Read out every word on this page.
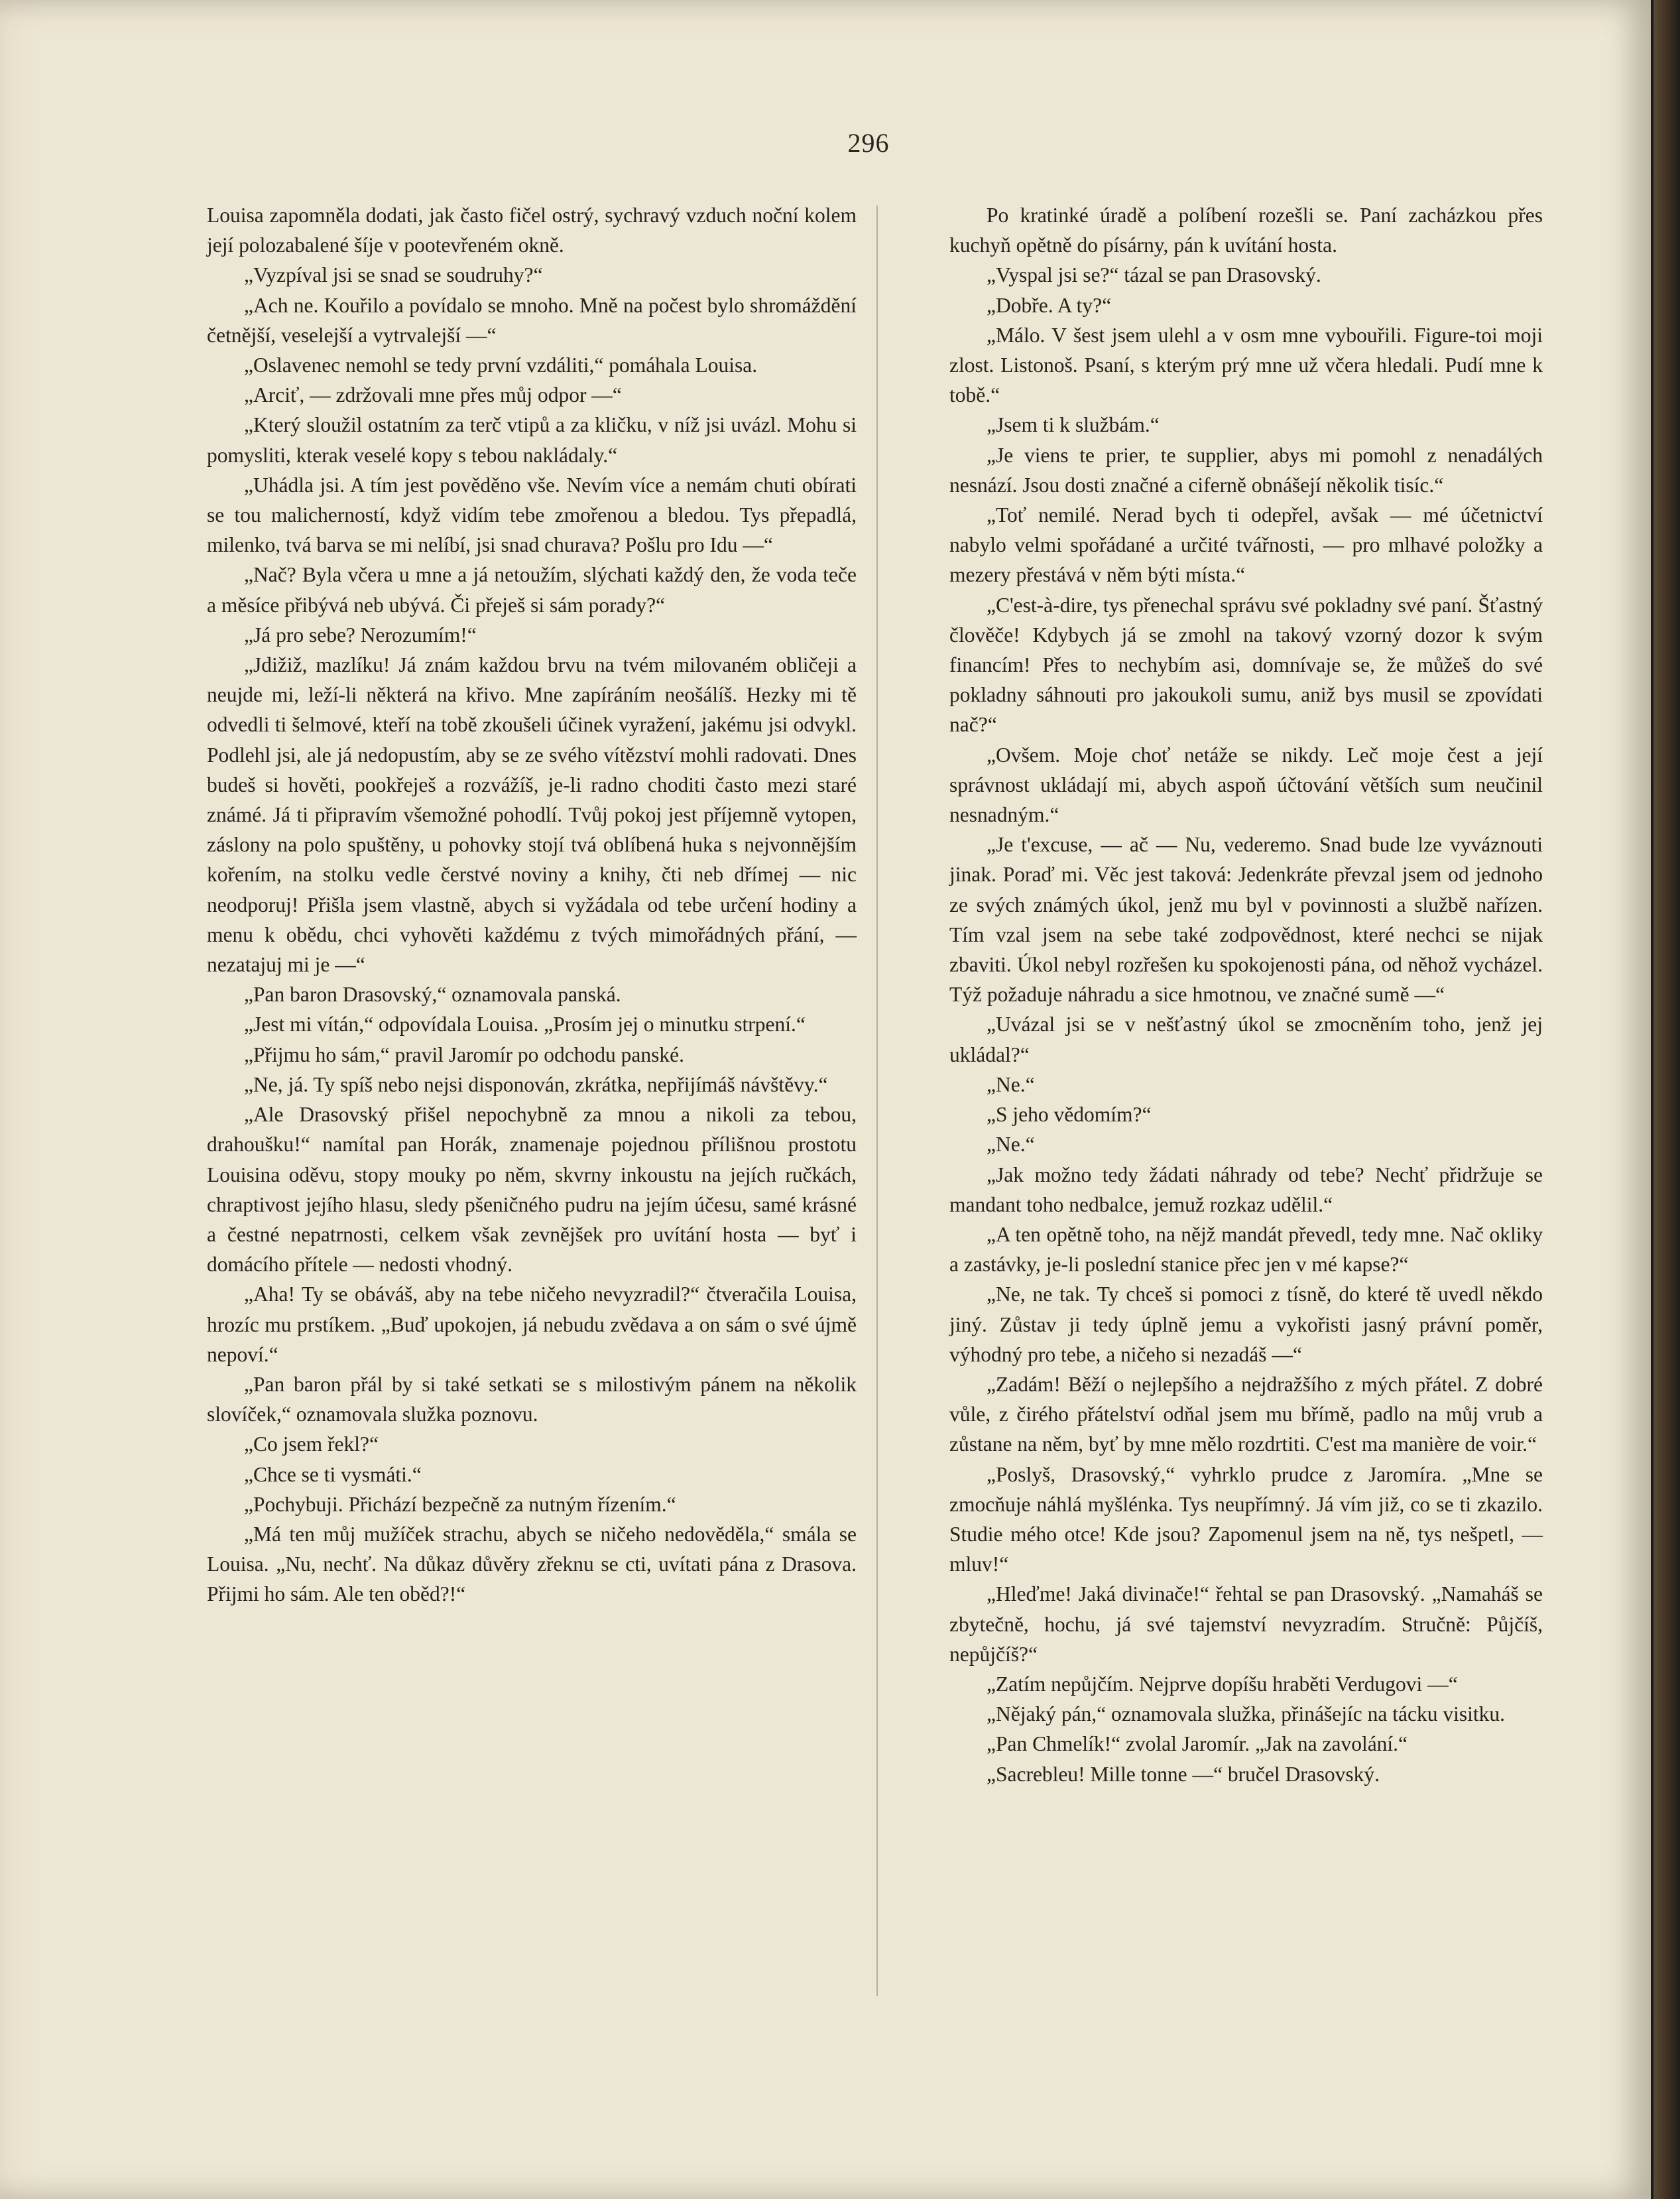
296

Louisa zapomněla dodati, jak často fičel ostrý, sychravý vzduch noční kolem její polozabalené šíje v pootevřeném okně.

„Vyzpíval jsi se snad se soudruhy?“

„Ach ne. Kouřilo a povídalo se mnoho. Mně na počest bylo shromáždění četnější, veselejší a vytrvalejší —“

„Oslavenec nemohl se tedy první vzdáliti,“ pomáhala Louisa.

„Arciť, — zdržovali mne přes můj odpor —“

„Který sloužil ostatním za terč vtipů a za kličku, v níž jsi uvázl. Mohu si pomysliti, kterak veselé kopy s tebou nakládaly.“

„Uhádla jsi. A tím jest pověděno vše. Nevím více a nemám chuti obírati se tou malicherností, když vidím tebe zmořenou a bledou. Tys přepadlá, milenko, tvá barva se mi nelíbí, jsi snad churava? Pošlu pro Idu —“

„Nač? Byla včera u mne a já netoužím, slýchati každý den, že voda teče a měsíce přibývá neb ubývá. Či přeješ si sám porady?“

„Já pro sebe? Nerozumím!“

„Jdižiž, mazlíku! Já znám každou brvu na tvém milovaném obličeji a neujde mi, leží-li některá na křivo. Mne zapíráním neošálíš. Hezky mi tě odvedli ti šelmové, kteří na tobě zkoušeli účinek vyražení, jakému jsi odvykl. Podlehl jsi, ale já nedopustím, aby se ze svého vítězství mohli radovati. Dnes budeš si hověti, pookřeješ a rozvážíš, je-li radno choditi často mezi staré známé. Já ti připravím všemožné pohodlí. Tvůj pokoj jest příjemně vytopen, záslony na polo spuštěny, u pohovky stojí tvá oblíbená huka s nejvonnějším kořením, na stolku vedle čerstvé noviny a knihy, čti neb dřímej — nic neodporuj! Přišla jsem vlastně, abych si vyžádala od tebe určení hodiny a menu k obědu, chci vyhověti každému z tvých mimořádných přání, — nezatajuj mi je —“

„Pan baron Drasovský,“ oznamovala panská.

„Jest mi vítán,“ odpovídala Louisa. „Prosím jej o minutku strpení.“

„Přijmu ho sám,“ pravil Jaromír po odchodu panské.

„Ne, já. Ty spíš nebo nejsi disponován, zkrátka, nepřijímáš návštěvy.“

„Ale Drasovský přišel nepochybně za mnou a nikoli za tebou, drahoušku!“ namítal pan Horák, znamenaje pojednou přílišnou prostotu Louisina oděvu, stopy mouky po něm, skvrny inkoustu na jejích ručkách, chraptivost jejího hlasu, sledy pšeničného pudru na jejím účesu, samé krásné a čestné nepatrnosti, celkem však zevnějšek pro uvítání hosta — byť i domácího přítele — nedosti vhodný.

„Aha! Ty se obáváš, aby na tebe ničeho nevyzradil?“ čtveračila Louisa, hrozíc mu prstíkem. „Buď upokojen, já nebudu zvědava a on sám o své újmě nepoví.“

„Pan baron přál by si také setkati se s milostivým pánem na několik slovíček,“ oznamovala služka poznovu.

„Co jsem řekl?“

„Chce se ti vysmáti.“

„Pochybuji. Přichází bezpečně za nutným řízením.“

„Má ten můj mužíček strachu, abych se ničeho nedověděla,“ smála se Louisa. „Nu, nechť. Na důkaz důvěry zřeknu se cti, uvítati pána z Drasova. Přijmi ho sám. Ale ten oběd?!“

Po kratinké úradě a políbení rozešli se. Paní zacházkou přes kuchyň opětně do písárny, pán k uvítání hosta.

„Vyspal jsi se?“ tázal se pan Drasovský.

„Dobře. A ty?“

„Málo. V šest jsem ulehl a v osm mne vybouřili. Figure-toi moji zlost. Listonoš. Psaní, s kterým prý mne už včera hledali. Pudí mne k tobě.“

„Jsem ti k službám.“

„Je viens te prier, te supplier, abys mi pomohl z nenadálých nesnází. Jsou dosti značné a ciferně obnášejí několik tisíc.“

„Toť nemilé. Nerad bych ti odepřel, avšak — mé účetnictví nabylo velmi spořádané a určité tvářnosti, — pro mlhavé položky a mezery přestává v něm býti místa.“

„C'est-à-dire, tys přenechal správu své pokladny své paní. Šťastný člověče! Kdybych já se zmohl na takový vzorný dozor k svým financím! Přes to nechybím asi, domnívaje se, že můžeš do své pokladny sáhnouti pro jakoukoli sumu, aniž bys musil se zpovídati nač?“

„Ovšem. Moje choť netáže se nikdy. Leč moje čest a její správnost ukládají mi, abych aspoň účtování větších sum neučinil nesnadným.“

„Je t'excuse, — ač — Nu, vederemo. Snad bude lze vyváznouti jinak. Poraď mi. Věc jest taková: Jedenkráte převzal jsem od jednoho ze svých známých úkol, jenž mu byl v povinnosti a službě nařízen. Tím vzal jsem na sebe také zodpovědnost, které nechci se nijak zbaviti. Úkol nebyl rozřešen ku spokojenosti pána, od něhož vycházel. Týž požaduje náhradu a sice hmotnou, ve značné sumě —“

„Uvázal jsi se v nešťastný úkol se zmocněním toho, jenž jej ukládal?“

„Ne.“

„S jeho vědomím?“

„Ne.“

„Jak možno tedy žádati náhrady od tebe? Nechť přidržuje se mandant toho nedbalce, jemuž rozkaz udělil.“

„A ten opětně toho, na nějž mandát převedl, tedy mne. Nač okliky a zastávky, je-li poslední stanice přec jen v mé kapse?“

„Ne, ne tak. Ty chceš si pomoci z tísně, do které tě uvedl někdo jiný. Zůstav ji tedy úplně jemu a vykořisti jasný právní poměr, výhodný pro tebe, a ničeho si nezadáš —“

„Zadám! Běží o nejlepšího a nejdražšího z mých přátel. Z dobré vůle, z čirého přátelství odňal jsem mu břímě, padlo na můj vrub a zůstane na něm, byť by mne mělo rozdrtiti. C'est ma manière de voir.“

„Poslyš, Drasovský,“ vyhrklo prudce z Jaromíra. „Mne se zmocňuje náhlá myšlénka. Tys neupřímný. Já vím již, co se ti zkazilo. Studie mého otce! Kde jsou? Zapomenul jsem na ně, tys nešpetl, — mluv!“

„Hleďme! Jaká divinače!“ řehtal se pan Drasovský. „Namaháš se zbytečně, hochu, já své tajemství nevyzradím. Stručně: Půjčíš, nepůjčíš?“

„Zatím nepůjčím. Nejprve dopíšu hraběti Verdugovi —“

„Nějaký pán,“ oznamovala služka, přinášejíc na tácku visitku.

„Pan Chmelík!“ zvolal Jaromír. „Jak na zavolání.“

„Sacrebleu! Mille tonne —“ bručel Drasovský.
